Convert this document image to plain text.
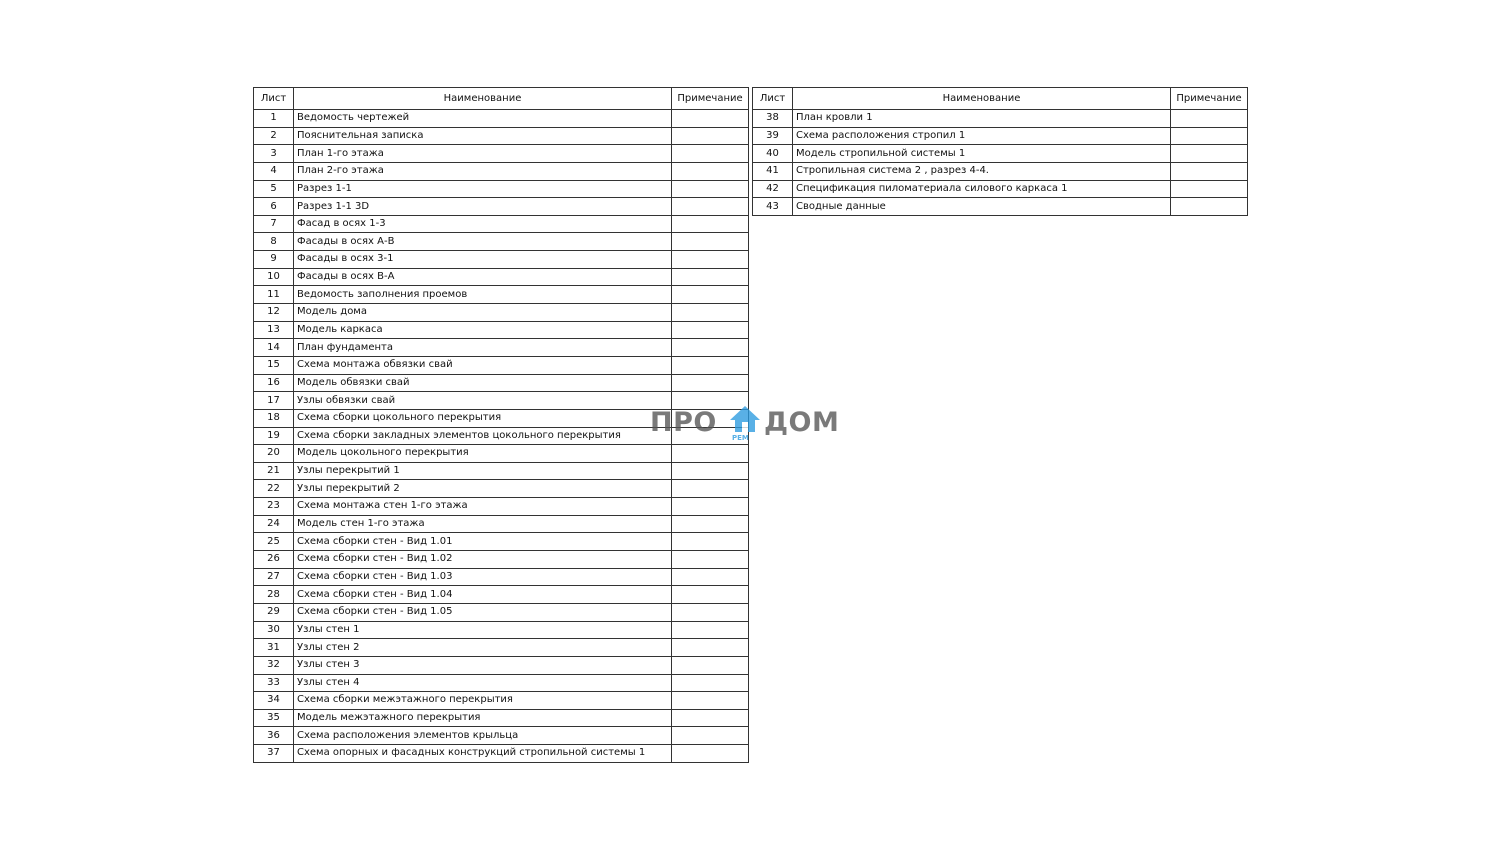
Лист	Наименование	Примечание
1	Ведомость чертежей	
2	Пояснительная записка	
3	План 1-го этажа	
4	План 2-го этажа	
5	Разрез 1-1	
6	Разрез 1-1 3D	
7	Фасад в осях 1-3	
8	Фасады в осях А-В	
9	Фасады в осях 3-1	
10	Фасады в осях В-А	
11	Ведомость заполнения проемов	
12	Модель дома	
13	Модель каркаса	
14	План фундамента	
15	Схема монтажа обвязки свай	
16	Модель обвязки свай	
17	Узлы обвязки свай	
18	Схема сборки цокольного перекрытия	
19	Схема сборки закладных элементов цокольного перекрытия	
20	Модель цокольного перекрытия	
21	Узлы перекрытий 1	
22	Узлы перекрытий 2	
23	Схема монтажа стен 1-го этажа	
24	Модель стен 1-го этажа	
25	Схема сборки стен - Вид 1.01	
26	Схема сборки стен - Вид 1.02	
27	Схема сборки стен - Вид 1.03	
28	Схема сборки стен - Вид 1.04	
29	Схема сборки стен - Вид 1.05	
30	Узлы стен 1	
31	Узлы стен 2	
32	Узлы стен 3	
33	Узлы стен 4	
34	Схема сборки межэтажного перекрытия	
35	Модель межэтажного перекрытия	
36	Схема расположения элементов крыльца	
37	Схема опорных и фасадных конструкций стропильной системы 1	
Лист	Наименование	Примечание
38	План кровли 1	
39	Схема расположения стропил 1	
40	Модель стропильной системы 1	
41	Стропильная система 2 , разрез 4-4.	
42	Спецификация пиломатериала силового каркаса 1	
43	Сводные данные	
ПРО РЕМ ДОМ
